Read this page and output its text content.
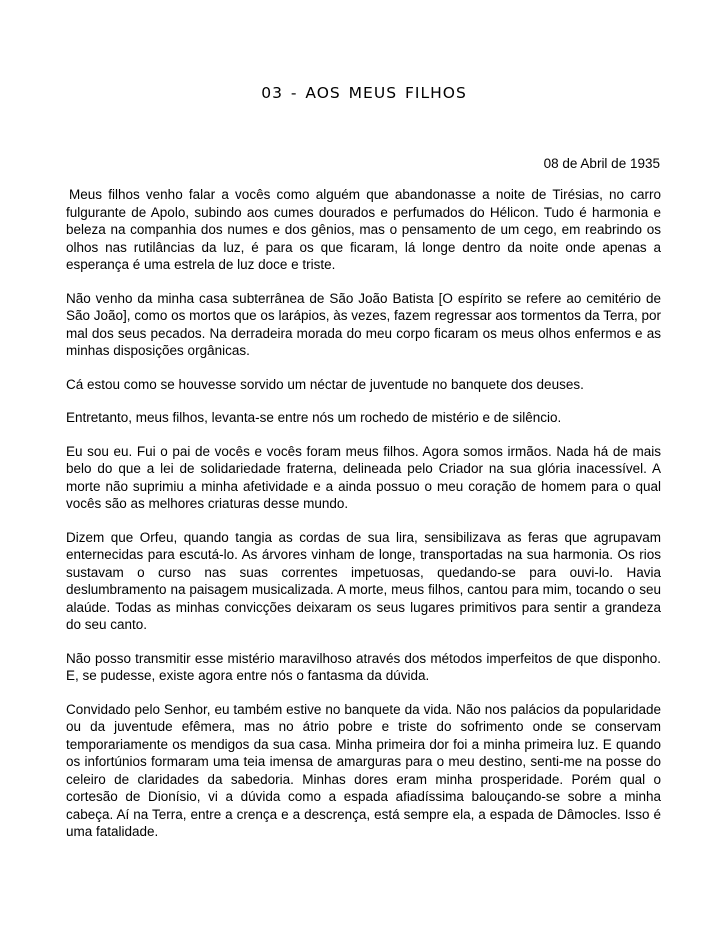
03 - AOS MEUS FILHOS
08 de Abril de 1935

Meus filhos venho falar a vocês como alguém que abandonasse a noite de Tirésias, no carro fulgurante de Apolo, subindo aos cumes dourados e perfumados do Hélicon. Tudo é harmonia e beleza na companhia dos numes e dos gênios, mas o pensamento de um cego, em reabrindo os olhos nas rutilâncias da luz, é para os que ficaram, lá longe dentro da noite onde apenas a esperança é uma estrela de luz doce e triste.

Não venho da minha casa subterrânea de São João Batista [O espírito se refere ao cemitério de São João], como os mortos que os larápios, às vezes, fazem regressar aos tormentos da Terra, por mal dos seus pecados. Na derradeira morada do meu corpo ficaram os meus olhos enfermos e as minhas disposições orgânicas.

Cá estou como se houvesse sorvido um néctar de juventude no banquete dos deuses.

Entretanto, meus filhos, levanta-se entre nós um rochedo de mistério e de silêncio.

Eu sou eu. Fui o pai de vocês e vocês foram meus filhos. Agora somos irmãos. Nada há de mais belo do que a lei de solidariedade fraterna, delineada pelo Criador na sua glória inacessível. A morte não suprimiu a minha afetividade e a ainda possuo o meu coração de homem para o qual vocês são as melhores criaturas desse mundo.

Dizem que Orfeu, quando tangia as cordas de sua lira, sensibilizava as feras que agrupavam enternecidas para escutá-lo. As árvores vinham de longe, transportadas na sua harmonia. Os rios sustavam o curso nas suas correntes impetuosas, quedando-se para ouvi-lo. Havia deslumbramento na paisagem musicalizada. A morte, meus filhos, cantou para mim, tocando o seu alaúde. Todas as minhas convicções deixaram os seus lugares primitivos para sentir a grandeza do seu canto.

Não posso transmitir esse mistério maravilhoso através dos métodos imperfeitos de que disponho. E, se pudesse, existe agora entre nós o fantasma da dúvida.

Convidado pelo Senhor, eu também estive no banquete da vida. Não nos palácios da popularidade ou da juventude efêmera, mas no átrio pobre e triste do sofrimento onde se conservam temporariamente os mendigos da sua casa. Minha primeira dor foi a minha primeira luz. E quando os infortúnios formaram uma teia imensa de amarguras para o meu destino, senti-me na posse do celeiro de claridades da sabedoria. Minhas dores eram minha prosperidade. Porém qual o cortesão de Dionísio, vi a dúvida como a espada afiadíssima balouçando-se sobre a minha cabeça. Aí na Terra, entre a crença e a descrença, está sempre ela, a espada de Dâmocles. Isso é uma fatalidade.
